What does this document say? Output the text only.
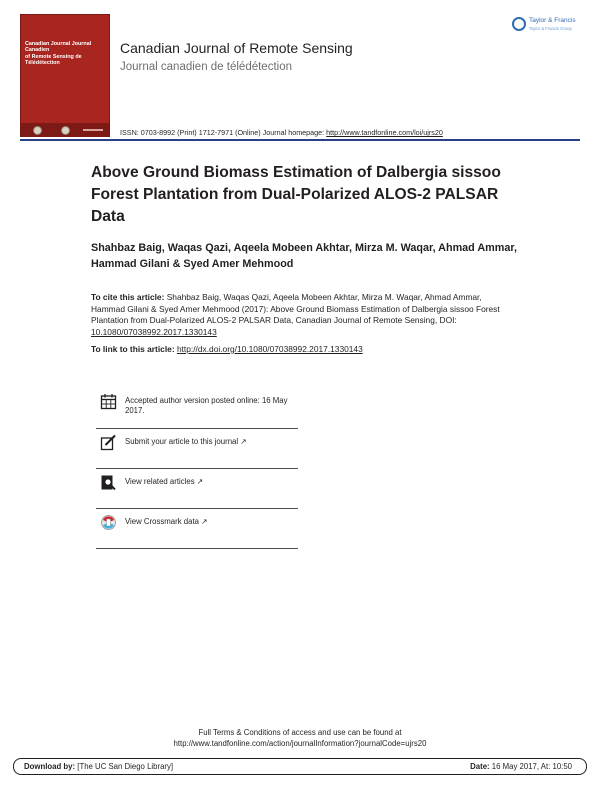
Canadian Journal Journal Canadien
of Remote Sensing de Télédétection
Canadian Journal of Remote Sensing
Journal canadien de télédétection
Taylor & Francis
Taylor & Francis Group
ISSN: 0703-8992 (Print) 1712-7971 (Online) Journal homepage: http://www.tandfonline.com/loi/ujrs20
Above Ground Biomass Estimation of Dalbergia sissoo Forest Plantation from Dual-Polarized ALOS-2 PALSAR Data
Shahbaz Baig, Waqas Qazi, Aqeela Mobeen Akhtar, Mirza M. Waqar, Ahmad Ammar, Hammad Gilani & Syed Amer Mehmood
To cite this article: Shahbaz Baig, Waqas Qazi, Aqeela Mobeen Akhtar, Mirza M. Waqar, Ahmad Ammar, Hammad Gilani & Syed Amer Mehmood (2017): Above Ground Biomass Estimation of Dalbergia sissoo Forest Plantation from Dual-Polarized ALOS-2 PALSAR Data, Canadian Journal of Remote Sensing, DOI: 10.1080/07038992.2017.1330143
To link to this article: http://dx.doi.org/10.1080/07038992.2017.1330143
Accepted author version posted online: 16 May 2017.
Submit your article to this journal ↗
View related articles ↗
View Crossmark data ↗
Full Terms & Conditions of access and use can be found at
http://www.tandfonline.com/action/journalInformation?journalCode=ujrs20
Download by: [The UC San Diego Library]	Date: 16 May 2017, At: 10:50
